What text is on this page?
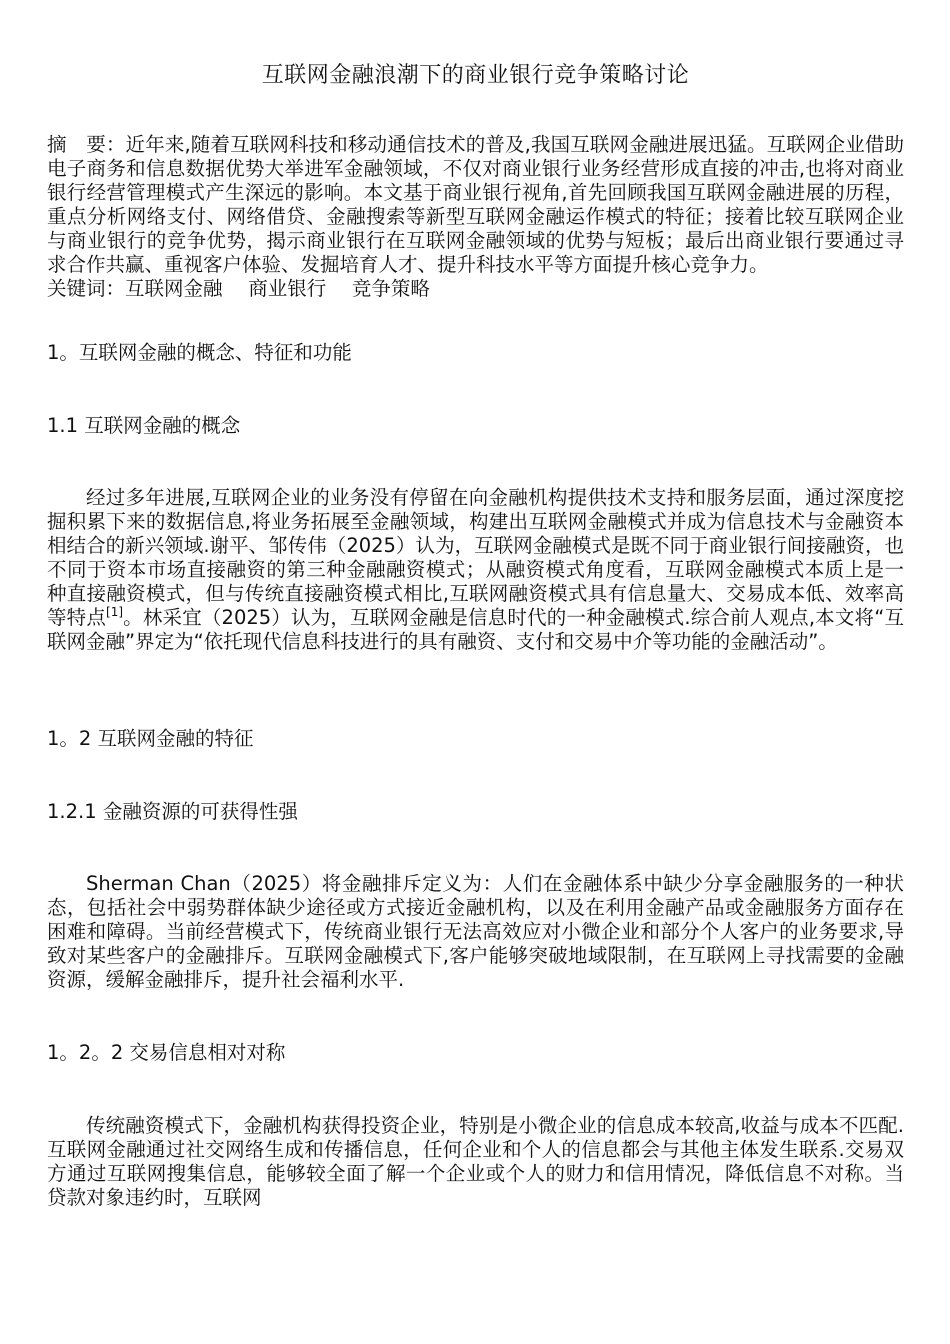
互联网金融浪潮下的商业银行竞争策略讨论

摘　要：近年来,随着互联网科技和移动通信技术的普及,我国互联网金融进展迅猛。互联网企业借助电子商务和信息数据优势大举进军金融领域，不仅对商业银行业务经营形成直接的冲击,也将对商业银行经营管理模式产生深远的影响。本文基于商业银行视角,首先回顾我国互联网金融进展的历程，重点分析网络支付、网络借贷、金融搜索等新型互联网金融运作模式的特征；接着比较互联网企业与商业银行的竞争优势，揭示商业银行在互联网金融领域的优势与短板；最后出商业银行要通过寻求合作共赢、重视客户体验、发掘培育人才、提升科技水平等方面提升核心竞争力。

关键词：互联网金融　 商业银行　 竞争策略

1。互联网金融的概念、特征和功能

1.1 互联网金融的概念

经过多年进展,互联网企业的业务没有停留在向金融机构提供技术支持和服务层面，通过深度挖掘积累下来的数据信息,将业务拓展至金融领域，构建出互联网金融模式并成为信息技术与金融资本相结合的新兴领域.谢平、邹传伟（2025）认为，互联网金融模式是既不同于商业银行间接融资，也不同于资本市场直接融资的第三种金融融资模式；从融资模式角度看，互联网金融模式本质上是一种直接融资模式，但与传统直接融资模式相比,互联网融资模式具有信息量大、交易成本低、效率高等特点[1]。林采宜（2025）认为，互联网金融是信息时代的一种金融模式.综合前人观点,本文将“互联网金融”界定为“依托现代信息科技进行的具有融资、支付和交易中介等功能的金融活动”。

1。2 互联网金融的特征

1.2.1 金融资源的可获得性强

Sherman Chan（2025）将金融排斥定义为：人们在金融体系中缺少分享金融服务的一种状态，包括社会中弱势群体缺少途径或方式接近金融机构，以及在利用金融产品或金融服务方面存在困难和障碍。当前经营模式下，传统商业银行无法高效应对小微企业和部分个人客户的业务要求,导致对某些客户的金融排斥。互联网金融模式下,客户能够突破地域限制，在互联网上寻找需要的金融资源，缓解金融排斥，提升社会福利水平.

1。2。2 交易信息相对对称

传统融资模式下，金融机构获得投资企业，特别是小微企业的信息成本较高,收益与成本不匹配.互联网金融通过社交网络生成和传播信息，任何企业和个人的信息都会与其他主体发生联系.交易双方通过互联网搜集信息，能够较全面了解一个企业或个人的财力和信用情况，降低信息不对称。当贷款对象违约时，互联网
